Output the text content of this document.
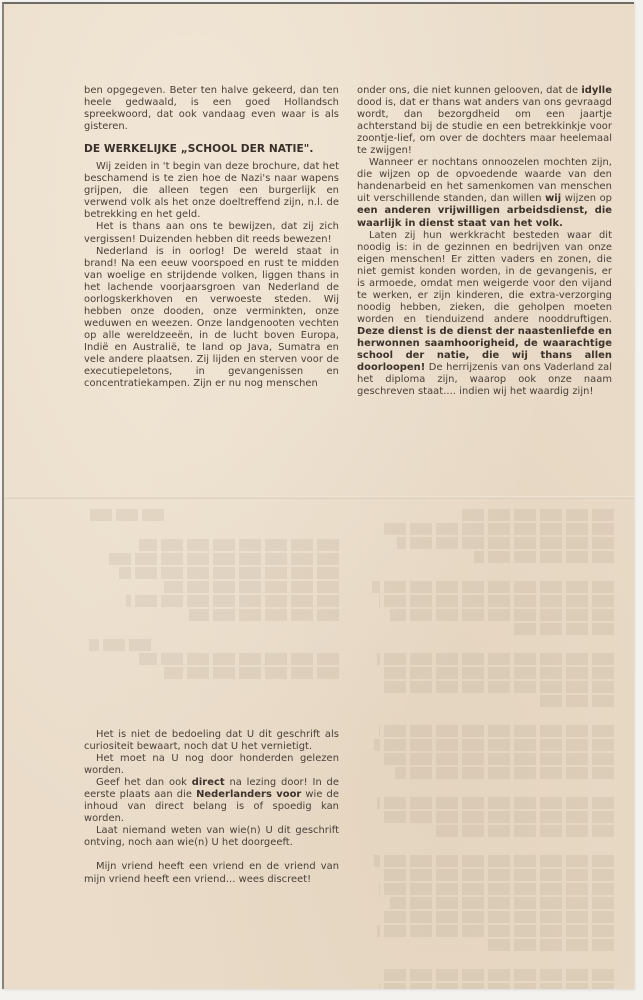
ben opgegeven. Beter ten halve gekeerd, dan ten heele gedwaald, is een goed Hollandsch spreekwoord, dat ook vandaag even waar is als gisteren.

DE WERKELIJKE „SCHOOL DER NATIE".

Wij zeiden in 't begin van deze brochure, dat het beschamend is te zien hoe de Nazi's naar wapens grijpen, die alleen tegen een burgerlijk en verwend volk als het onze doeltreffend zijn, n.l. de betrekking en het geld.

Het is thans aan ons te bewijzen, dat zij zich vergissen! Duizenden hebben dit reeds bewezen!

Nederland is in oorlog! De wereld staat in brand! Na een eeuw voorspoed en rust te midden van woelige en strijdende volken, liggen thans in het lachende voorjaarsgroen van Nederland de oorlogskerkhoven en verwoeste steden. Wij hebben onze dooden, onze verminkten, onze weduwen en weezen. Onze landgenooten vechten op alle wereldzeeën, in de lucht boven Europa, Indië en Australië, te land op Java, Sumatra en vele andere plaatsen. Zij lijden en sterven voor de executiepeletons, in gevangenissen en concentratiekampen. Zijn er nu nog menschen

onder ons, die niet kunnen gelooven, dat de idylle dood is, dat er thans wat anders van ons gevraagd wordt, dan bezorgdheid om een jaartje achterstand bij de studie en een betrekkinkje voor zoontje-lief, om over de dochters maar heelemaal te zwijgen!

Wanneer er nochtans onnoozelen mochten zijn, die wijzen op de opvoedende waarde van den handenarbeid en het samenkomen van menschen uit verschillende standen, dan willen wij wijzen op een anderen vrijwilligen arbeidsdienst, die waarlijk in dienst staat van het volk.

Laten zij hun werkkracht besteden waar dit noodig is: in de gezinnen en bedrijven van onze eigen menschen! Er zitten vaders en zonen, die niet gemist konden worden, in de gevangenis, er is armoede, omdat men weigerde voor den vijand te werken, er zijn kinderen, die extra-verzorging noodig hebben, zieken, die geholpen moeten worden en tienduizend andere nooddruftigen. Deze dienst is de dienst der naastenliefde en herwonnen saamhoorigheid, de waarachtige school der natie, die wij thans allen doorloopen! De herrijzenis van ons Vaderland zal het diploma zijn, waarop ook onze naam geschreven staat.... indien wij het waardig zijn!

Het is niet de bedoeling dat U dit geschrift als curiositeit bewaart, noch dat U het vernietigt.

Het moet na U nog door honderden gelezen worden.

Geef het dan ook direct na lezing door! In de eerste plaats aan die Nederlanders voor wie de inhoud van direct belang is of spoedig kan worden.

Laat niemand weten van wie(n) U dit geschrift ontving, noch aan wie(n) U het doorgeeft.

Mijn vriend heeft een vriend en de vriend van mijn vriend heeft een vriend... wees discreet!
